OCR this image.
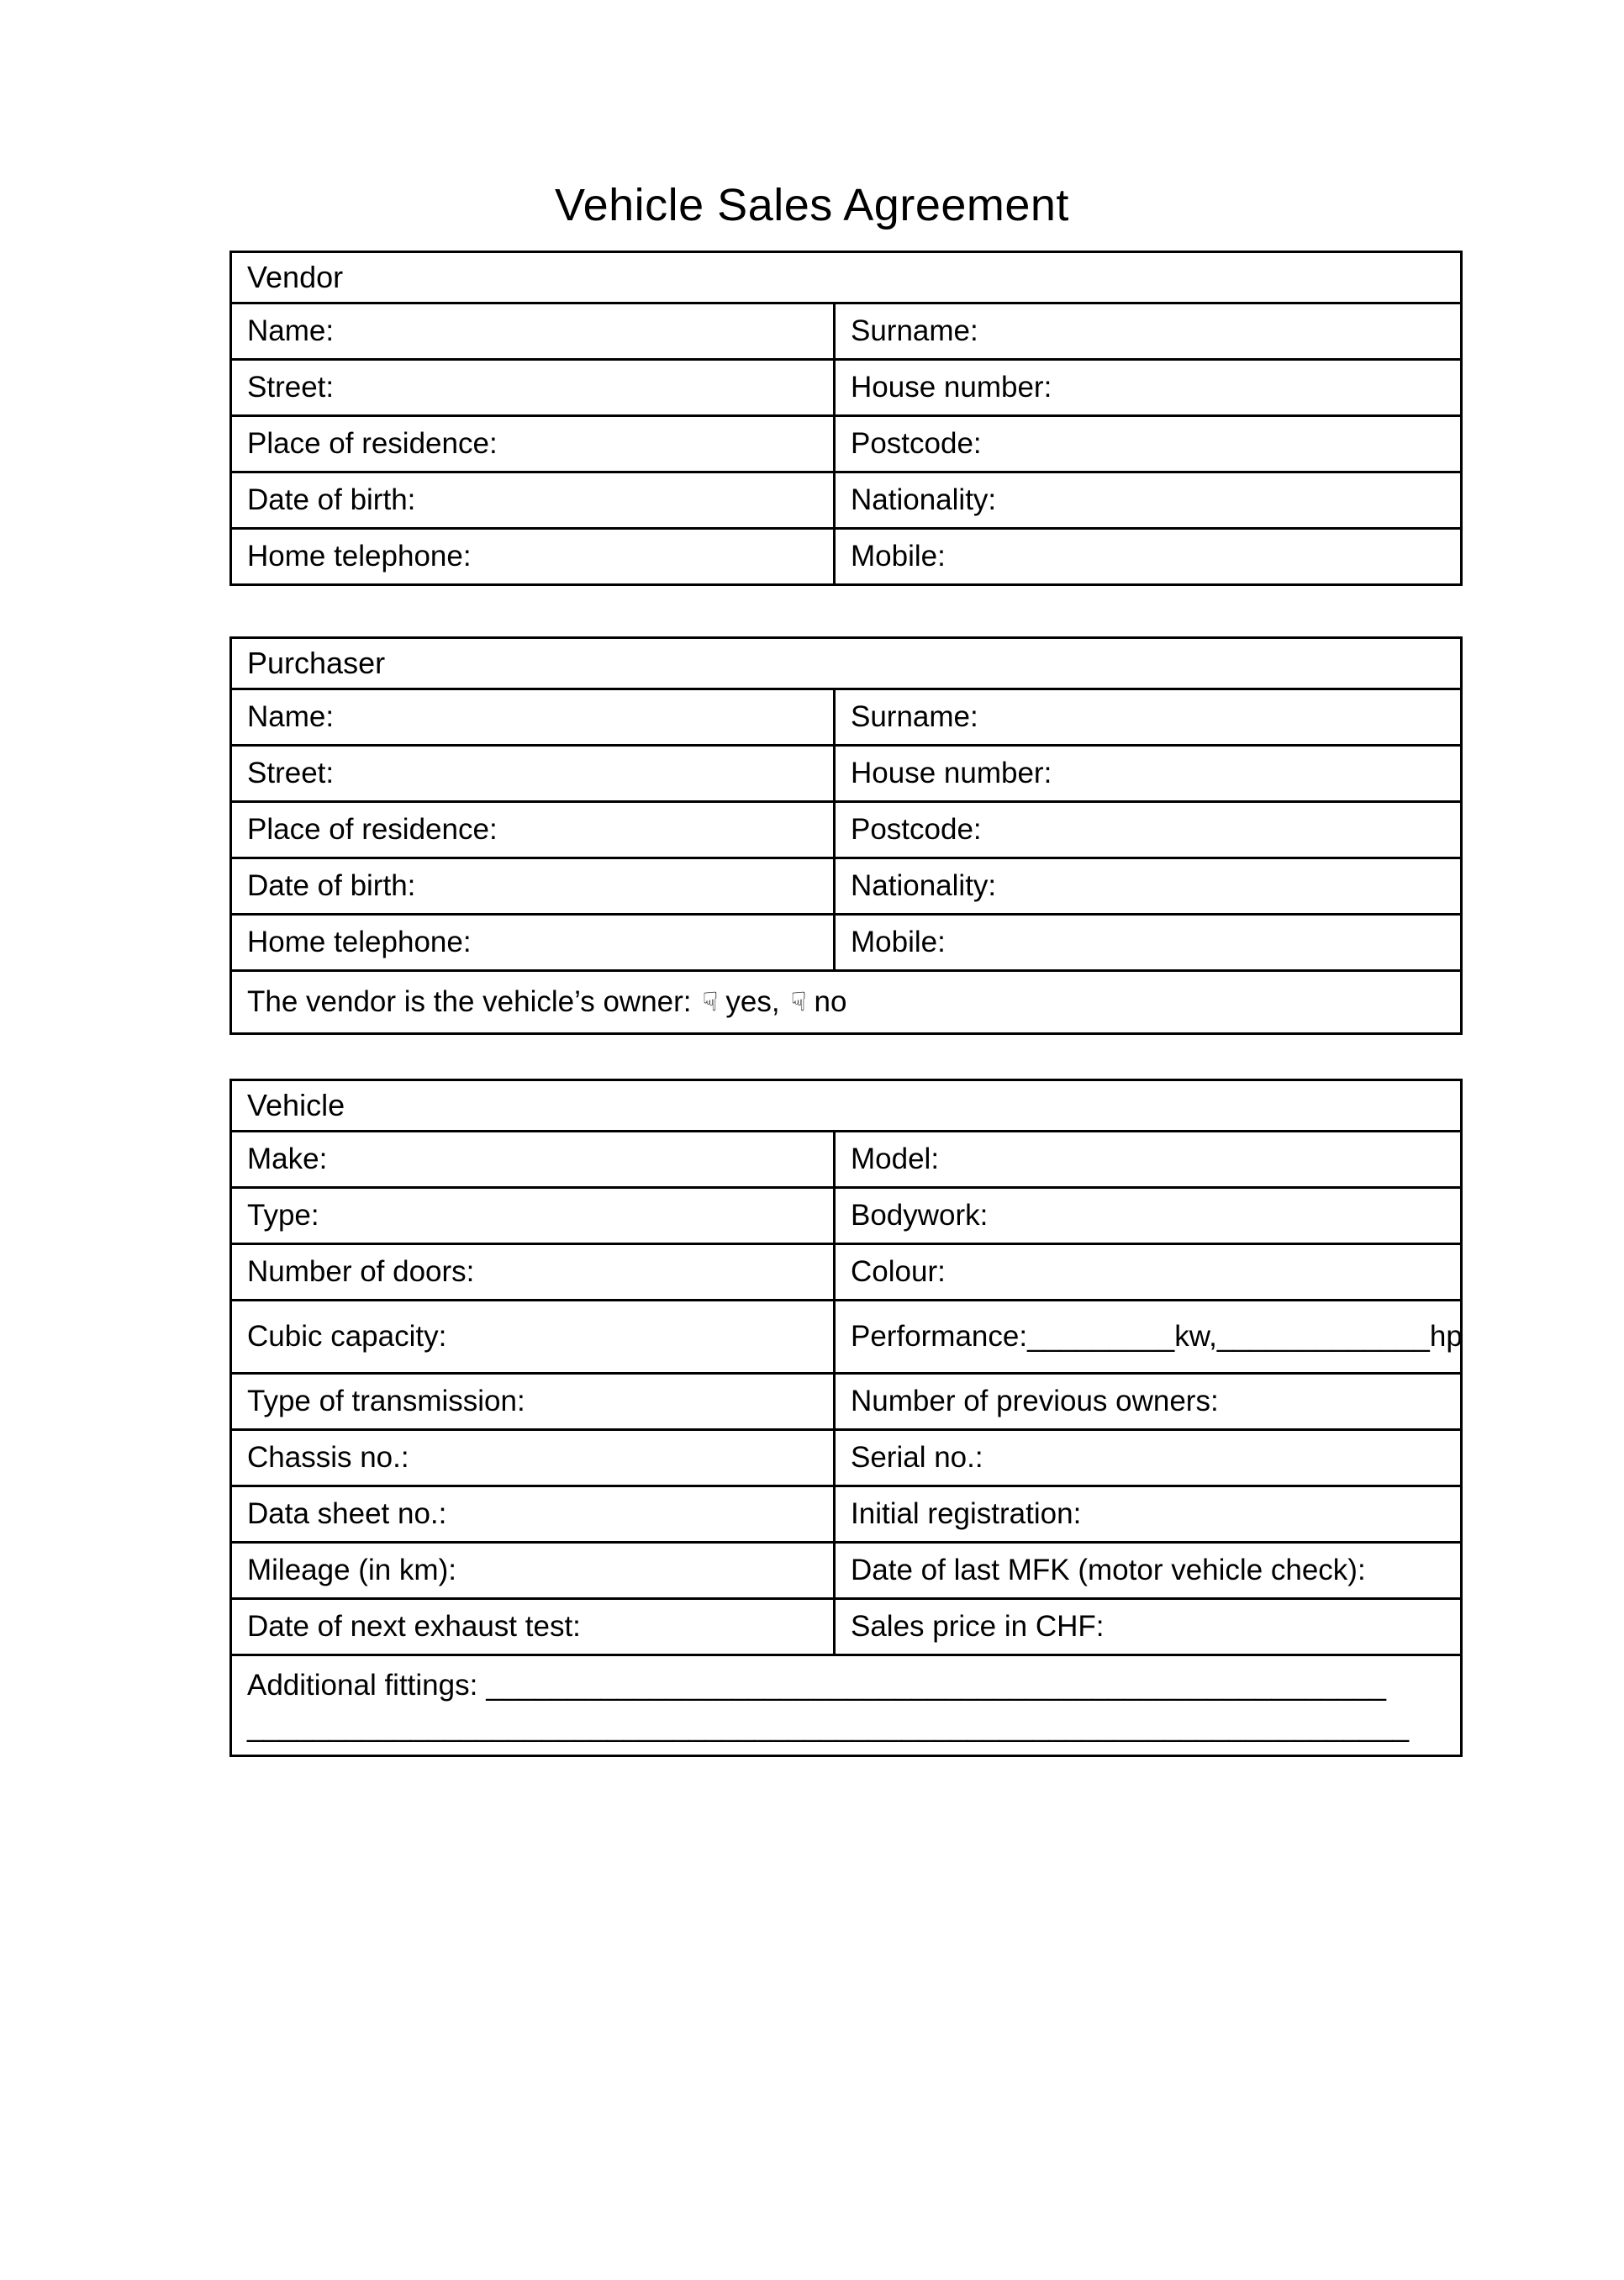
Vehicle Sales Agreement
Vendor
Name:	Surname:
Street:	House number:
Place of residence:	Postcode:
Date of birth:	Nationality:
Home telephone:	Mobile:
Purchaser
Name:	Surname:
Street:	House number:
Place of residence:	Postcode:
Date of birth:	Nationality:
Home telephone:	Mobile:
The vendor is the vehicle’s owner: ☟ yes, ☟ no
Vehicle
Make:	Model:
Type:	Bodywork:
Number of doors:	Colour:
Cubic capacity:	Performance:_________kw,_____________hp
Type of transmission:	Number of previous owners:
Chassis no.:	Serial no.:
Data sheet no.:	Initial registration:
Mileage (in km):	Date of last MFK (motor vehicle check):
Date of next exhaust test:	Sales price in CHF:
Additional fittings: _______________________________________________________
_______________________________________________________________________
